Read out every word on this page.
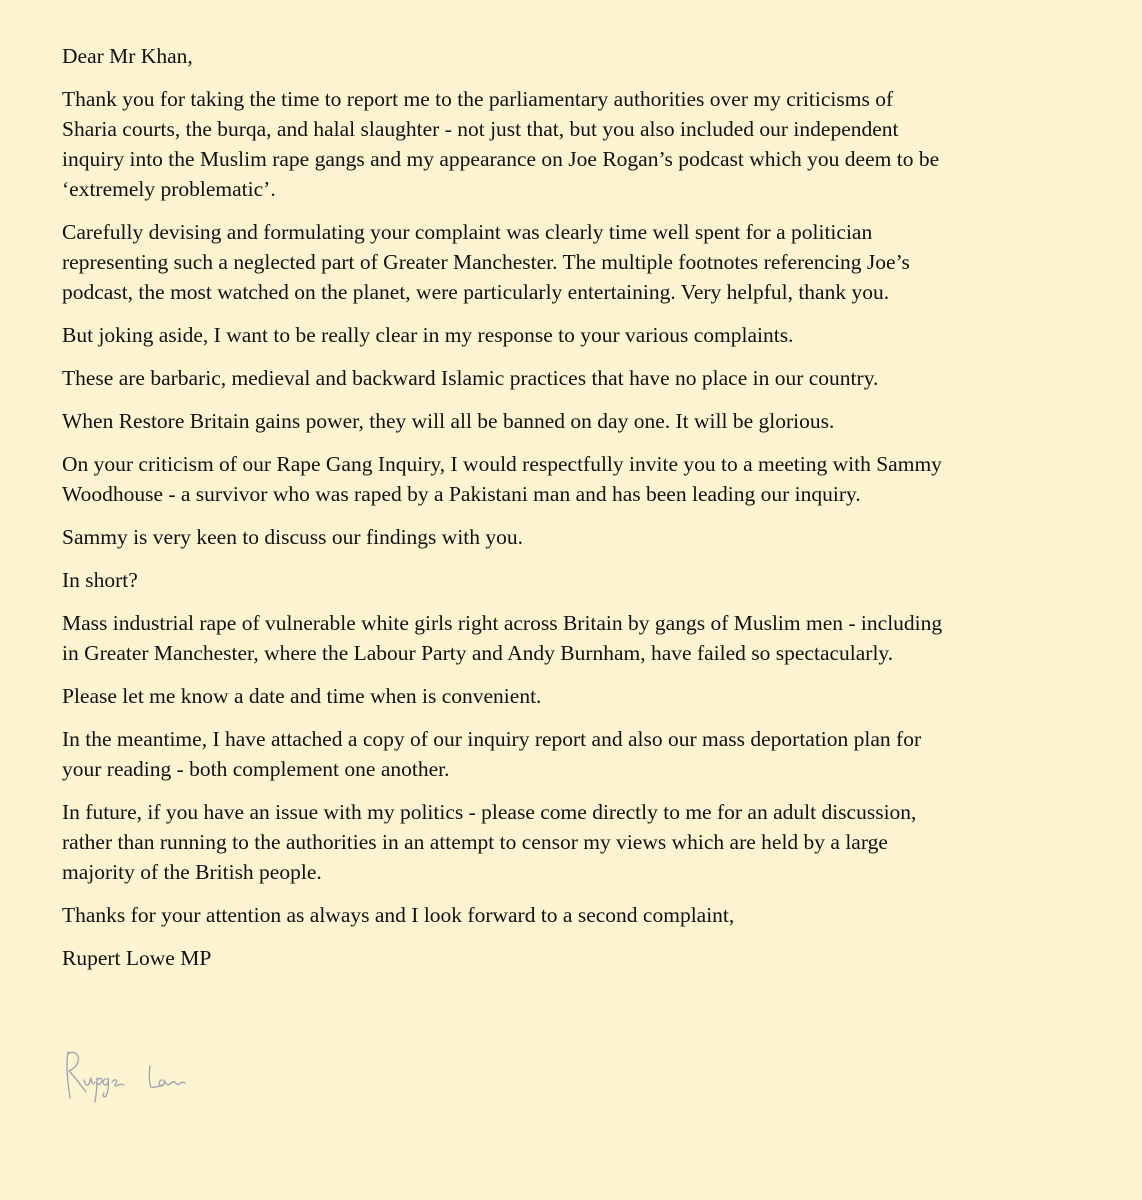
Dear Mr Khan,

Thank you for taking the time to report me to the parliamentary authorities over my criticisms of

Sharia courts, the burqa, and halal slaughter - not just that, but you also included our independent

inquiry into the Muslim rape gangs and my appearance on Joe Rogan’s podcast which you deem to be

‘extremely problematic’.

Carefully devising and formulating your complaint was clearly time well spent for a politician

representing such a neglected part of Greater Manchester. The multiple footnotes referencing Joe’s

podcast, the most watched on the planet, were particularly entertaining. Very helpful, thank you.

But joking aside, I want to be really clear in my response to your various complaints.

These are barbaric, medieval and backward Islamic practices that have no place in our country.

When Restore Britain gains power, they will all be banned on day one. It will be glorious.

On your criticism of our Rape Gang Inquiry, I would respectfully invite you to a meeting with Sammy

Woodhouse - a survivor who was raped by a Pakistani man and has been leading our inquiry.

Sammy is very keen to discuss our findings with you.

In short?

Mass industrial rape of vulnerable white girls right across Britain by gangs of Muslim men - including

in Greater Manchester, where the Labour Party and Andy Burnham, have failed so spectacularly.

Please let me know a date and time when is convenient.

In the meantime, I have attached a copy of our inquiry report and also our mass deportation plan for

your reading - both complement one another.

In future, if you have an issue with my politics - please come directly to me for an adult discussion,

rather than running to the authorities in an attempt to censor my views which are held by a large

majority of the British people.

Thanks for your attention as always and I look forward to a second complaint,

Rupert Lowe MP
